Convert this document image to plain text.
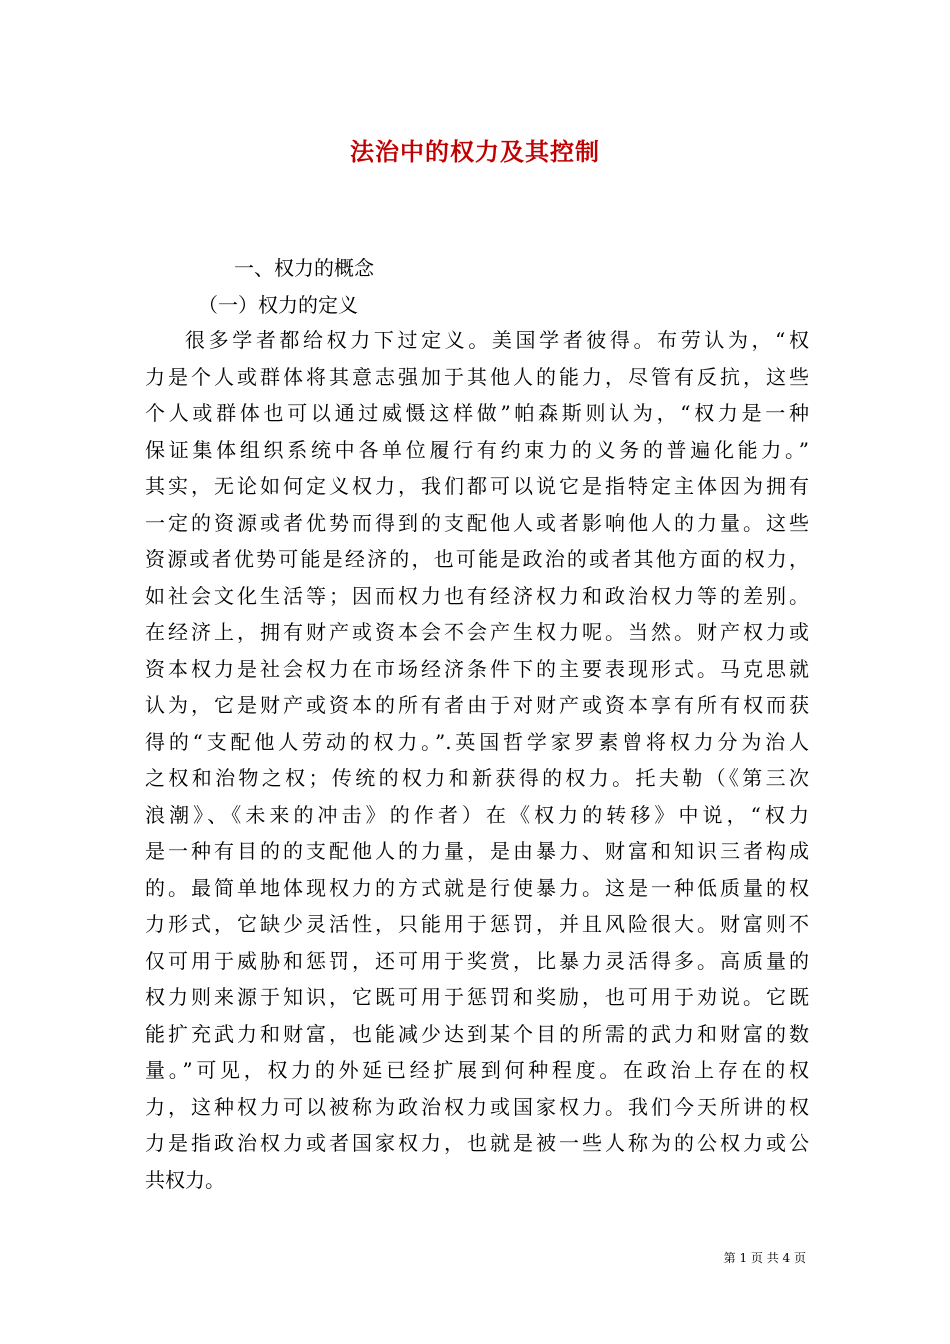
法治中的权力及其控制
一、权力的概念
（一）权力的定义
很多学者都给权力下过定义。美国学者彼得。布劳认为，“权
力是个人或群体将其意志强加于其他人的能力，尽管有反抗，这些
个人或群体也可以通过威慑这样做”帕森斯则认为，“权力是一种
保证集体组织系统中各单位履行有约束力的义务的普遍化能力。”
其实，无论如何定义权力，我们都可以说它是指特定主体因为拥有
一定的资源或者优势而得到的支配他人或者影响他人的力量。这些
资源或者优势可能是经济的，也可能是政治的或者其他方面的权力，
如社会文化生活等；因而权力也有经济权力和政治权力等的差别。
在经济上，拥有财产或资本会不会产生权力呢。当然。财产权力或
资本权力是社会权力在市场经济条件下的主要表现形式。马克思就
认为，它是财产或资本的所有者由于对财产或资本享有所有权而获
得的“支配他人劳动的权力。”.英国哲学家罗素曾将权力分为治人
之权和治物之权；传统的权力和新获得的权力。托夫勒（《第三次
浪潮》、《未来的冲击》的作者）在《权力的转移》中说，“权力
是一种有目的的支配他人的力量，是由暴力、财富和知识三者构成
的。最简单地体现权力的方式就是行使暴力。这是一种低质量的权
力形式，它缺少灵活性，只能用于惩罚，并且风险很大。财富则不
仅可用于威胁和惩罚，还可用于奖赏，比暴力灵活得多。高质量的
权力则来源于知识，它既可用于惩罚和奖励，也可用于劝说。它既
能扩充武力和财富，也能减少达到某个目的所需的武力和财富的数
量。”可见，权力的外延已经扩展到何种程度。在政治上存在的权
力，这种权力可以被称为政治权力或国家权力。我们今天所讲的权
力是指政治权力或者国家权力，也就是被一些人称为的公权力或公
共权力。
第 1 页 共 4 页
